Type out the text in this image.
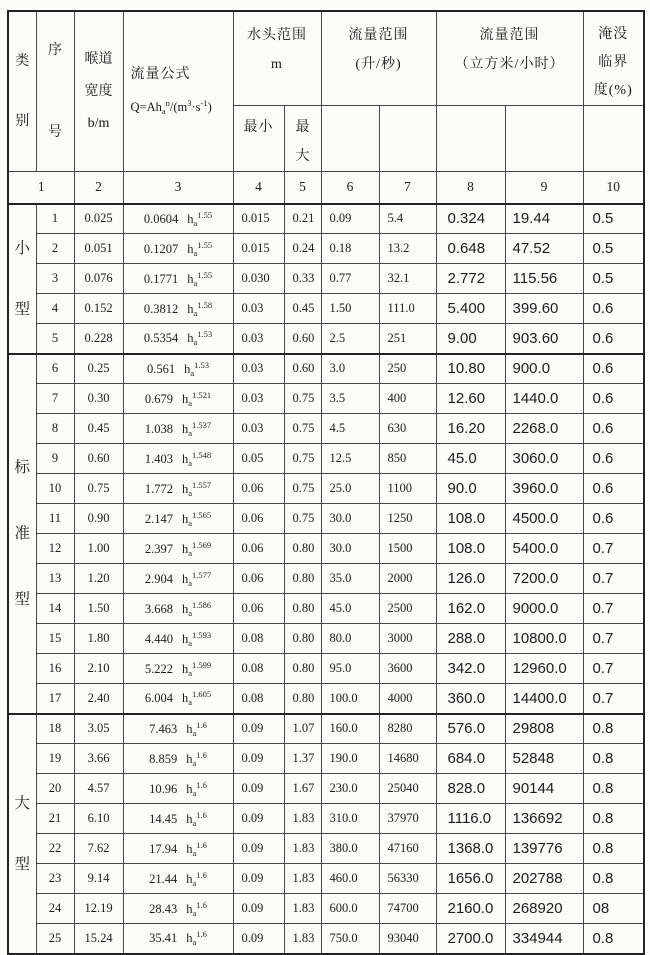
类
别

序
号

喉道
宽度
b/m

流量公式
$Q=Ah_a^n/(m^3\cdot s^{-1})$

水头范围
m

流量范围
(升/秒)

流量范围
（立方米/小时）

淹没
临界
度(%)

				最小	最
大					

1		2	3	4	5	6	7	8	9	10

小
型	1	0.025	0.0604 $h_a^{1.55}$	0.015	0.21	0.09	5.4	0.324	19.44	0.5
	2	0.051	0.1207 $h_a^{1.55}$	0.015	0.24	0.18	13.2	0.648	47.52	0.5
	3	0.076	0.1771 $h_a^{1.55}$	0.030	0.33	0.77	32.1	2.772	115.56	0.5
	4	0.152	0.3812 $h_a^{1.58}$	0.03	0.45	1.50	111.0	5.400	399.60	0.6
	5	0.228	0.5354 $h_a^{1.53}$	0.03	0.60	2.5	251	9.00	903.60	0.6

标
准
型	6	0.25	0.561 $h_a^{1.53}$	0.03	0.60	3.0	250	10.80	900.0	0.6
	7	0.30	0.679 $h_a^{1.521}$	0.03	0.75	3.5	400	12.60	1440.0	0.6
	8	0.45	1.038 $h_a^{1.537}$	0.03	0.75	4.5	630	16.20	2268.0	0.6
	9	0.60	1.403 $h_a^{1.548}$	0.05	0.75	12.5	850	45.0	3060.0	0.6
	10	0.75	1.772 $h_a^{1.557}$	0.06	0.75	25.0	1100	90.0	3960.0	0.6
	11	0.90	2.147 $h_a^{1.565}$	0.06	0.75	30.0	1250	108.0	4500.0	0.6
	12	1.00	2.397 $h_a^{1.569}$	0.06	0.80	30.0	1500	108.0	5400.0	0.7
	13	1.20	2.904 $h_a^{1.577}$	0.06	0.80	35.0	2000	126.0	7200.0	0.7
	14	1.50	3.668 $h_a^{1.586}$	0.06	0.80	45.0	2500	162.0	9000.0	0.7
	15	1.80	4.440 $h_a^{1.593}$	0.08	0.80	80.0	3000	288.0	10800.0	0.7
	16	2.10	5.222 $h_a^{1.599}$	0.08	0.80	95.0	3600	342.0	12960.0	0.7
	17	2.40	6.004 $h_a^{1.605}$	0.08	0.80	100.0	4000	360.0	14400.0	0.7

大
型	18	3.05	7.463 $h_a^{1.6}$	0.09	1.07	160.0	8280	576.0	29808	0.8
	19	3.66	8.859 $h_a^{1.6}$	0.09	1.37	190.0	14680	684.0	52848	0.8
	20	4.57	10.96 $h_a^{1.6}$	0.09	1.67	230.0	25040	828.0	90144	0.8
	21	6.10	14.45 $h_a^{1.6}$	0.09	1.83	310.0	37970	1116.0	136692	0.8
	22	7.62	17.94 $h_a^{1.6}$	0.09	1.83	380.0	47160	1368.0	139776	0.8
	23	9.14	21.44 $h_a^{1.6}$	0.09	1.83	460.0	56330	1656.0	202788	0.8
	24	12.19	28.43 $h_a^{1.6}$	0.09	1.83	600.0	74700	2160.0	268920	08
	25	15.24	35.41 $h_a^{1.6}$	0.09	1.83	750.0	93040	2700.0	334944	0.8
